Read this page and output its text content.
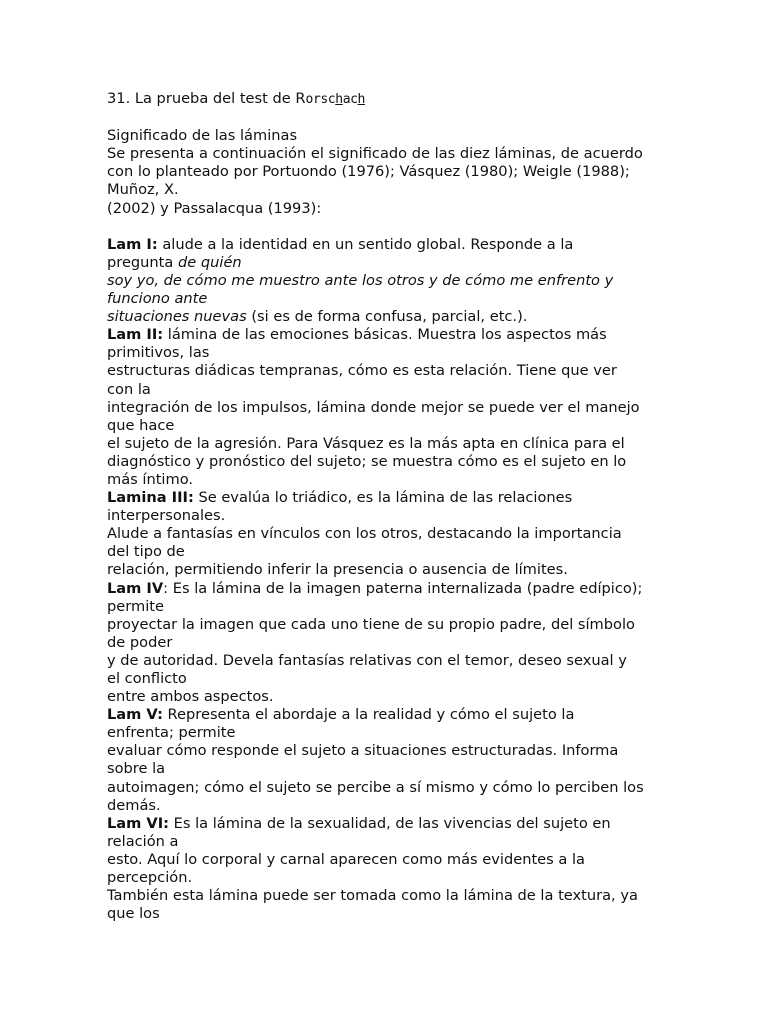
31. La prueba del test de Rorschach
Significado de las láminas
Se presenta a continuación el significado de las diez láminas, de acuerdo
con lo planteado por Portuondo (1976); Vásquez (1980); Weigle (1988);
Muñoz, X.
(2002) y Passalacqua (1993):
Lam I: alude a la identidad en un sentido global. Responde a la
pregunta de quién
soy yo, de cómo me muestro ante los otros y de cómo me enfrento y
funciono ante
situaciones nuevas (si es de forma confusa, parcial, etc.).
Lam II: lámina de las emociones básicas. Muestra los aspectos más
primitivos, las
estructuras diádicas tempranas, cómo es esta relación. Tiene que ver
con la
integración de los impulsos, lámina donde mejor se puede ver el manejo
que hace
el sujeto de la agresión. Para Vásquez es la más apta en clínica para el
diagnóstico y pronóstico del sujeto; se muestra cómo es el sujeto en lo
más íntimo.
Lamina III: Se evalúa lo triádico, es la lámina de las relaciones
interpersonales.
Alude a fantasías en vínculos con los otros, destacando la importancia
del tipo de
relación, permitiendo inferir la presencia o ausencia de límites.
Lam IV: Es la lámina de la imagen paterna internalizada (padre edípico);
permite
proyectar la imagen que cada uno tiene de su propio padre, del símbolo
de poder
y de autoridad. Devela fantasías relativas con el temor, deseo sexual y
el conflicto
entre ambos aspectos.
Lam V: Representa el abordaje a la realidad y cómo el sujeto la
enfrenta; permite
evaluar cómo responde el sujeto a situaciones estructuradas. Informa
sobre la
autoimagen; cómo el sujeto se percibe a sí mismo y cómo lo perciben los
demás.
Lam VI: Es la lámina de la sexualidad, de las vivencias del sujeto en
relación a
esto. Aquí lo corporal y carnal aparecen como más evidentes a la
percepción.
También esta lámina puede ser tomada como la lámina de la textura, ya
que los
